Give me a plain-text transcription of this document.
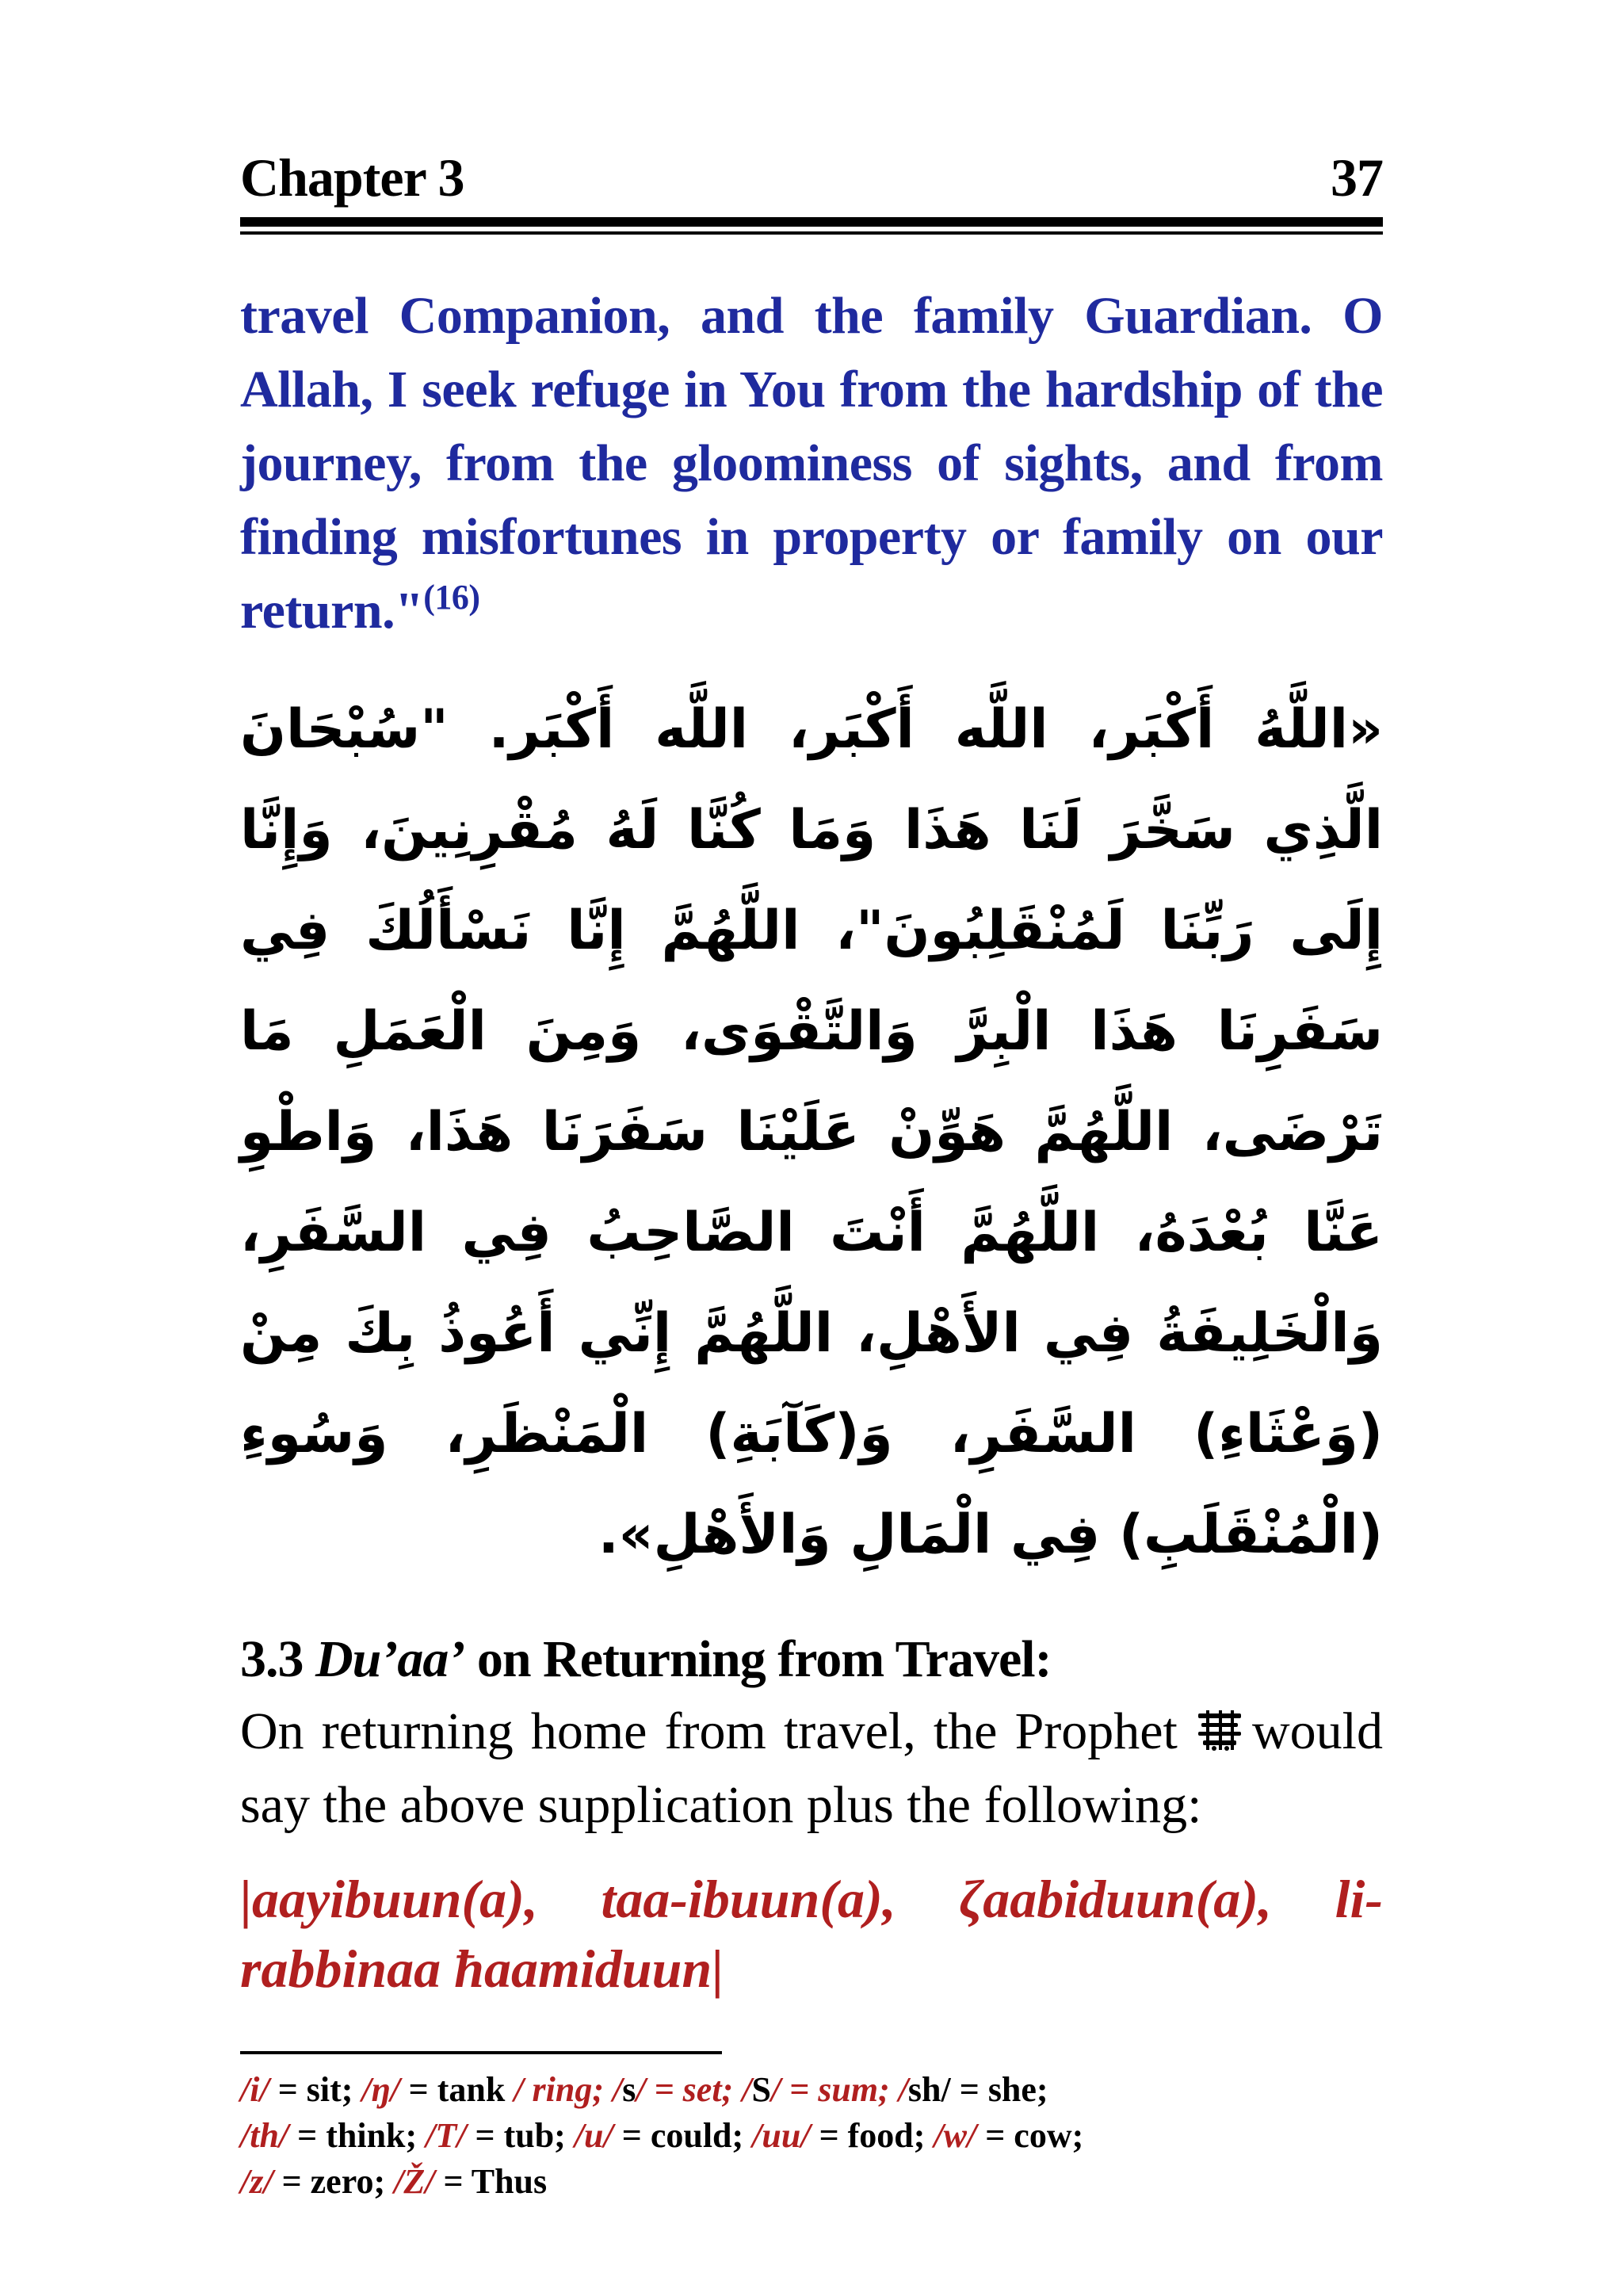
Chapter 3	37
travel Companion, and the family Guardian. O Allah, I seek refuge in You from the hardship of the journey, from the gloominess of sights, and from finding misfortunes in property or family on our return."$^{(16)}$
«اللَّهُ أَكْبَر، اللَّه أَكْبَر، اللَّه أَكْبَر. "سُبْحَانَ الَّذِي سَخَّرَ لَنَا هَذَا وَمَا كُنَّا لَهُ مُقْرِنِينَ، وَإِنَّا إِلَى رَبِّنَا لَمُنْقَلِبُونَ"، اللَّهُمَّ إِنَّا نَسْأَلُكَ فِي سَفَرِنَا هَذَا الْبِرَّ وَالتَّقْوَى، وَمِنَ الْعَمَلِ مَا تَرْضَى، اللَّهُمَّ هَوِّنْ عَلَيْنَا سَفَرَنَا هَذَا، وَاطْوِ عَنَّا بُعْدَهُ، اللَّهُمَّ أَنْتَ الصَّاحِبُ فِي السَّفَرِ، وَالْخَلِيفَةُ فِي الأَهْلِ، اللَّهُمَّ إِنِّي أَعُوذُ بِكَ مِنْ (وَعْثَاءِ) السَّفَرِ، وَ(كَآبَةِ) الْمَنْظَرِ، وَسُوءِ (الْمُنْقَلَبِ) فِي الْمَالِ وَالأَهْلِ».
3.3 Du’aa’ on Returning from Travel:
On returning home from travel, the Prophet would say the above supplication plus the following:
|aayibuun(a), taa-ibuun(a), ζaabiduun(a), li-rabbinaa ħaamiduun|
/i/ = sit; /ŋ/ = tank / ring; /s/ = set; /S/ = sum; /sh/ = she;
/th/ = think; /T/ = tub; /u/ = could; /uu/ = food; /w/ = cow;
/z/ = zero; /Ž/ = Thus
